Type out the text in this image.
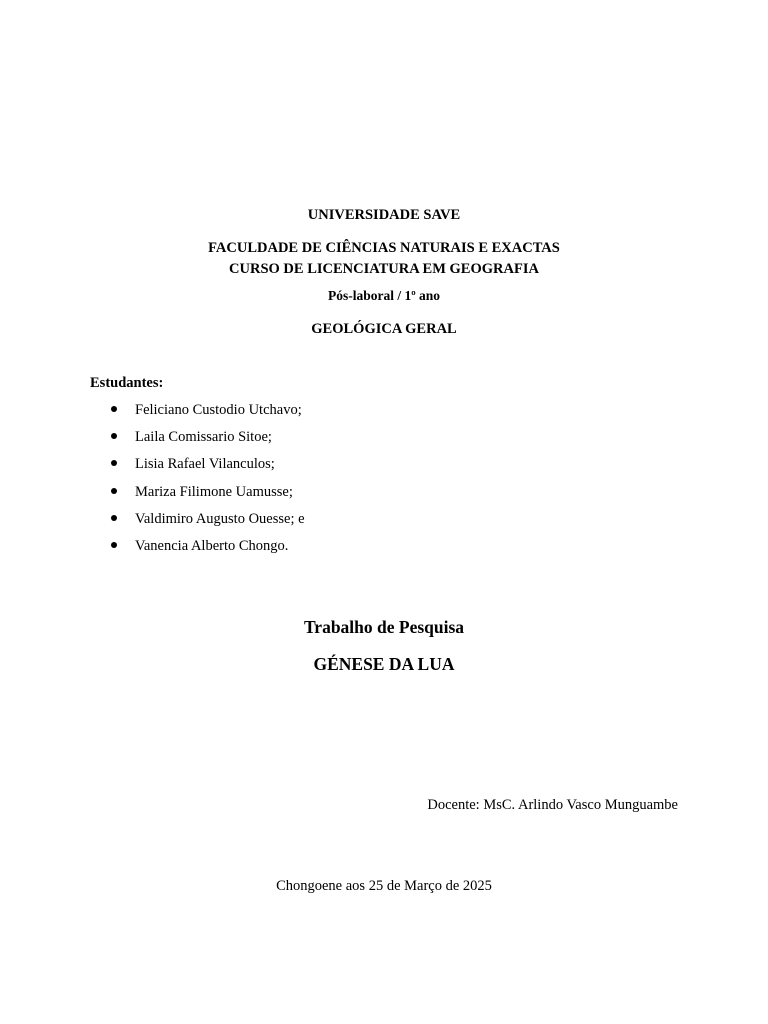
UNIVERSIDADE SAVE
FACULDADE DE CIÊNCIAS NATURAIS E EXACTAS
CURSO DE LICENCIATURA EM GEOGRAFIA
Pós-laboral / 1º ano
GEOLÓGICA GERAL
Estudantes:
Feliciano Custodio Utchavo;
Laila Comissario Sitoe;
Lisia Rafael Vilanculos;
Mariza Filimone Uamusse;
Valdimiro Augusto Ouesse; e
Vanencia Alberto Chongo.
Trabalho de Pesquisa
GÉNESE DA LUA
Docente: MsC. Arlindo Vasco Munguambe
Chongoene aos 25 de Março de 2025
